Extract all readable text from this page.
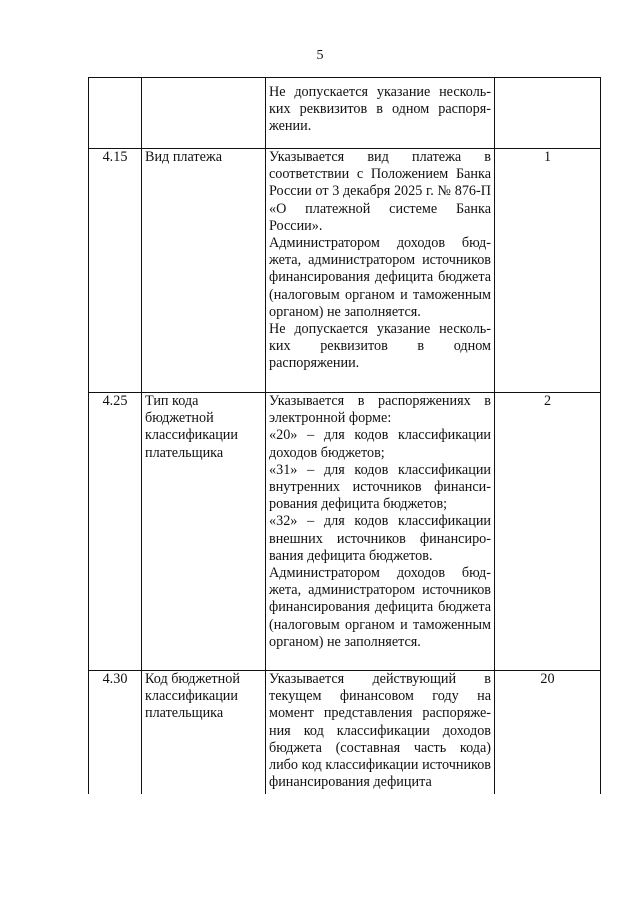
5

		Не допускается указание нескольких реквизитов в одном распоряжении.	

4.15	Вид платежа	Указывается вид платежа в соответствии с Положением Банка России от 3 декабря 2025 г. № 876-П «О платежной системе Банка России».
Администратором доходов бюджета, администратором источников финансирования дефицита бюджета (налоговым органом и таможенным органом) не заполняется.
Не допускается указание нескольких реквизитов в одном распоряжении.	1
4.25	Тип кода бюджетной классификации плательщика	Указывается в распоряжениях в электронной форме:
«20» – для кодов классификации доходов бюджетов;
«31» – для кодов классификации внутренних источников финансирования дефицита бюджетов;
«32» – для кодов классификации внешних источников финансирования дефицита бюджетов.
Администратором доходов бюджета, администратором источников финансирования дефицита бюджета (налоговым органом и таможенным органом) не заполняется.	2
4.30	Код бюджетной классификации плательщика	Указывается действующий в текущем финансовом году на момент представления распоряжения код классификации доходов бюджета (составная часть кода) либо код классификации источников финансирования дефицита	20
